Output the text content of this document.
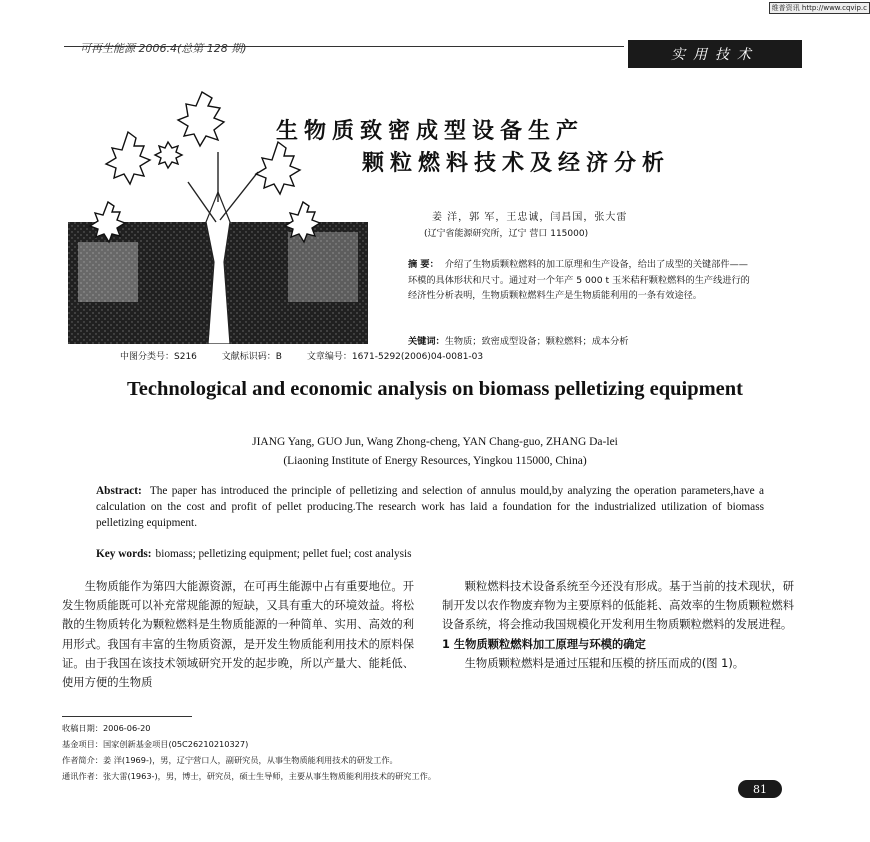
维普资讯 http://www.cqvip.c
可再生能源 2006.4(总第 128 期)	实用技术
生物质致密成型设备生产
颗粒燃料技术及经济分析
姜 洋，郭 军，王忠诚，闫昌国，张大雷
(辽宁省能源研究所，辽宁 营口 115000)
摘 要： 介绍了生物质颗粒燃料的加工原理和生产设备，给出了成型的关键部件——环模的具体形状和尺寸。通过对一个年产 5 000 t 玉米秸秆颗粒燃料的生产线进行的经济性分析表明，生物质颗粒燃料生产是生物质能利用的一条有效途径。
关键词：生物质；致密成型设备；颗粒燃料；成本分析
中图分类号：S216	文献标识码：B	文章编号：1671-5292(2006)04-0081-03
Technological and economic analysis on biomass pelletizing equipment
JIANG Yang, GUO Jun, Wang Zhong-cheng, YAN Chang-guo, ZHANG Da-lei
(Liaoning Institute of Energy Resources, Yingkou 115000, China)
Abstract: The paper has introduced the principle of pelletizing and selection of annulus mould,by analyzing the operation parameters,have a calculation on the cost and profit of pellet producing.The research work has laid a foundation for the industrialized utilization of biomass pelletizing equipment.
Key words: biomass; pelletizing equipment; pellet fuel; cost analysis

生物质能作为第四大能源资源，在可再生能源中占有重要地位。开发生物质能既可以补充常规能源的短缺，又具有重大的环境效益。将松散的生物质转化为颗粒燃料是生物质能源的一种简单、实用、高效的利用形式。我国有丰富的生物质资源，是开发生物质能利用技术的原料保证。由于我国在该技术领域研究开发的起步晚，所以产量大、能耗低、使用方便的生物质

颗粒燃料技术设备系统至今还没有形成。基于当前的技术现状，研制开发以农作物废弃物为主要原料的低能耗、高效率的生物质颗粒燃料设备系统，将会推动我国规模化开发利用生物质颗粒燃料的发展进程。

1 生物质颗粒燃料加工原理与环模的确定

生物质颗粒燃料是通过压辊和压模的挤压而成的(图 1)。

收稿日期：2006-06-20
基金项目：国家创新基金项目(05C26210210327)
作者简介：姜 洋(1969-)，男，辽宁营口人，副研究员，从事生物质能利用技术的研发工作。
通讯作者：张大雷(1963-)，男，博士，研究员，硕士生导师，主要从事生物质能利用技术的研究工作。
81
